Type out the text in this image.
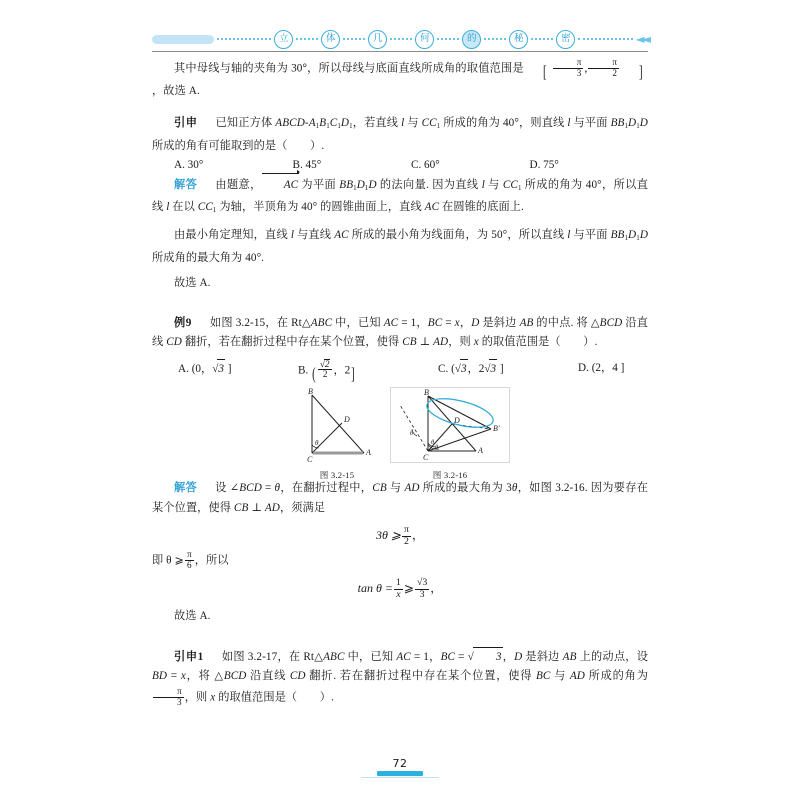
立	体	几	何	的	秘	密	◄◄

其中母线与轴的夹角为 30°，所以母线与底面直线所成角的取值范围是 [ $\frac{\pi}{3}$ , $\frac{\pi}{2}$ ]，故选 A.

引申 已知正方体 ABCD-$A_1B_1C_1D_1$，若直线 l 与 $CC_1$ 所成的角为 40°，则直线 l 与平面 $BB_1D_1D$ 所成的角有可能取到的是（　　）.

A. 30°	B. 45°	C. 60°	D. 75°

解答 由题意， AC 为平面 $BB_1D_1D$ 的法向量. 因为直线 l 与 $CC_1$ 所成的角为 40°，所以直线 l 在以 $CC_1$ 为轴，半顶角为 40° 的圆锥曲面上，直线 AC 在圆锥的底面上.

由最小角定理知，直线 l 与直线 AC 所成的最小角为线面角，为 50°，所以直线 l 与平面 $BB_1D_1D$ 所成角的最大角为 40°.

故选 A.

例9 如图 3.2-15，在 Rt△ABC 中，已知 AC = 1，BC = x，D 是斜边 AB 的中点. 将 △BCD 沿直线 CD 翻折，若在翻折过程中存在某个位置，使得 CB ⊥ AD，则 x 的取值范围是（　　）.

A. (0，√3 ]	B. ( $\frac{√2}{2}$ ，2]	C. (√3，2√3 ]	D. (2，4 ]
B
D
A
C
θ
图 3.2-15
B
D
B'
A
C
θ
θ
θ
图 3.2-16

解答 设 ∠BCD = θ，在翻折过程中，CB 与 AD 所成的最大角为 3θ，如图 3.2-16. 因为要存在某个位置，使得 CB ⊥ AD，须满足

3θ ⩾ $\frac{\pi}{2}$ ，

即 θ ⩾ $\frac{\pi}{6}$ ，所以

$\tan \theta = \frac{1}{x}$ ⩾ $\frac{√3}{3}$ ，

故选 A.

引申1 如图 3.2-17，在 Rt△ABC 中，已知 AC = 1，BC = √ 3，D 是斜边 AB 上的动点，设 BD = x，将 △BCD 沿直线 CD 翻折. 若在翻折过程中存在某个位置，使得 BC 与 AD 所成的角为
$\frac{\pi}{3}$ ，则 x 的取值范围是（　　）.

72
